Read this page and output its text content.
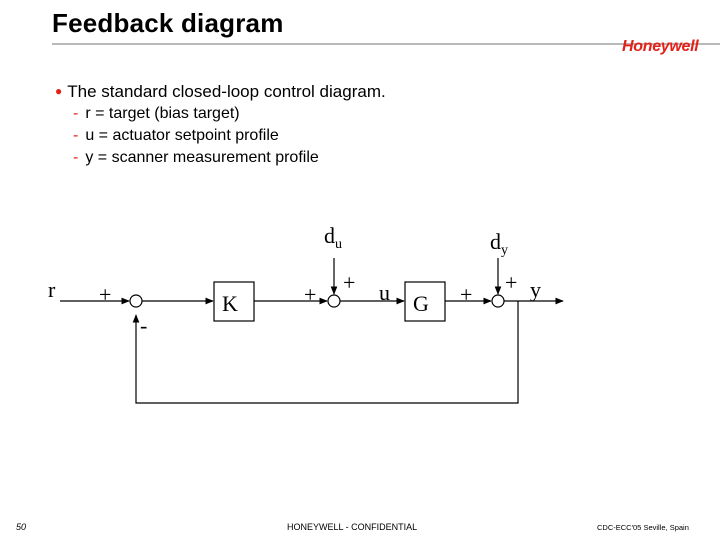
Feedback diagram
Honeywell
● The standard closed-loop control diagram.
- r = target (bias target)
- u = actuator setpoint profile
- y = scanner measurement profile
r +
-
K	+ + u G + + y
$d_u$	$d_y$
50	HONEYWELL - CONFIDENTIAL	CDC-ECC'05 Seville, Spain
